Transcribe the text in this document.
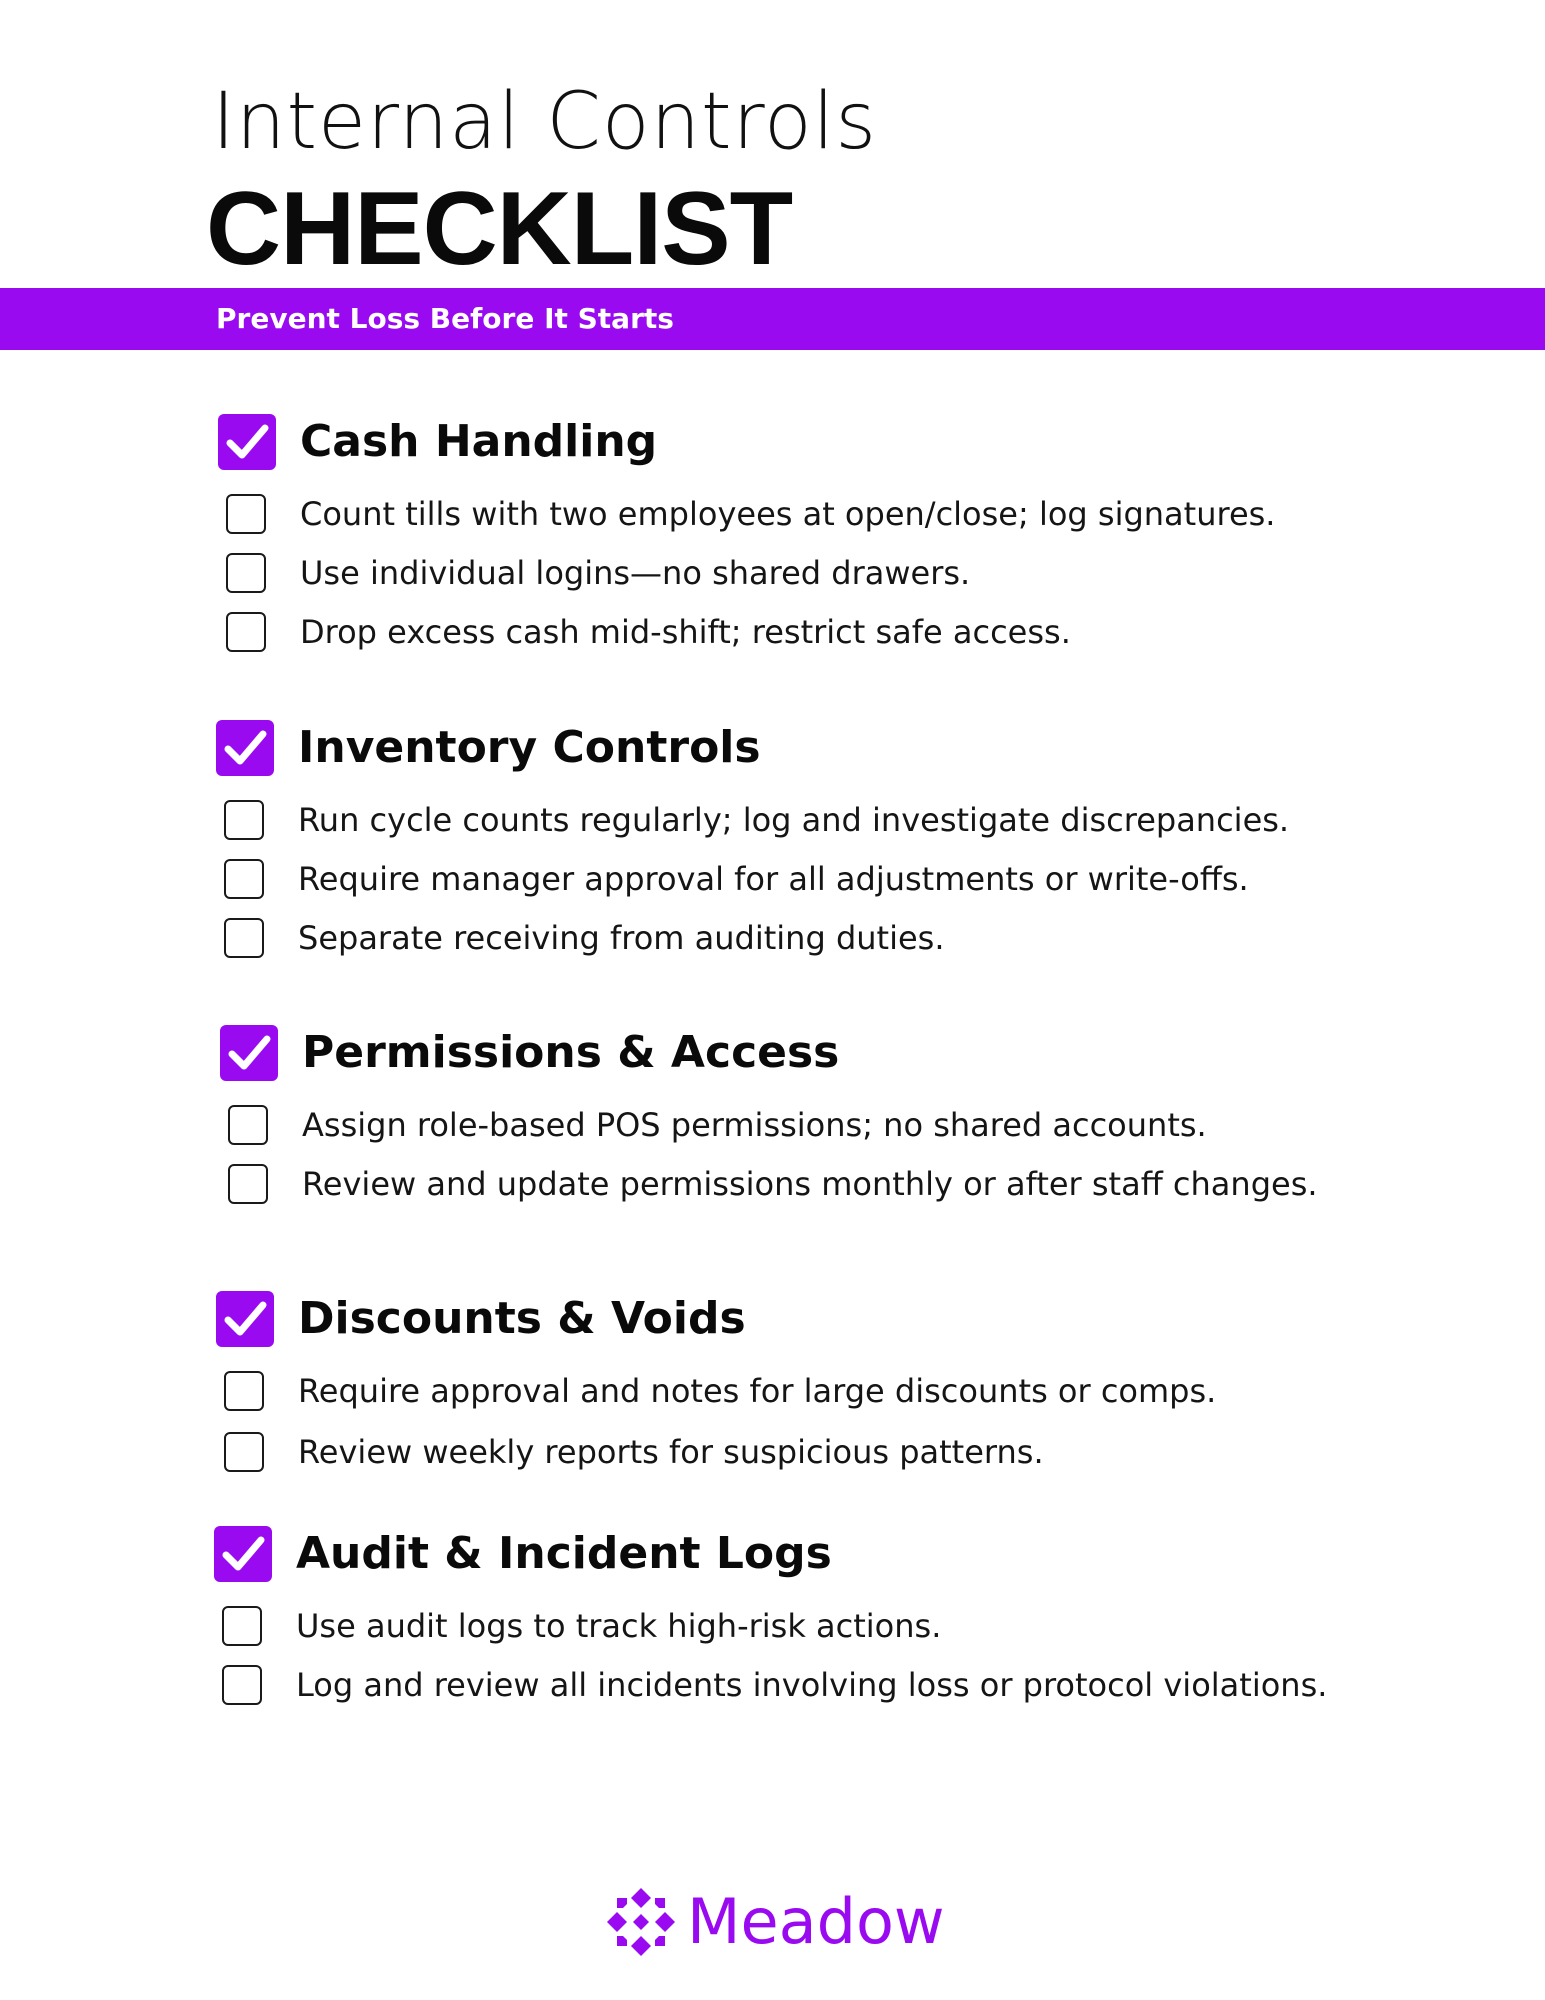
Internal Controls
CHECKLIST
Prevent Loss Before It Starts
Cash Handling
Count tills with two employees at open/close; log signatures.
Use individual logins—no shared drawers.
Drop excess cash mid-shift; restrict safe access.
Inventory Controls
Run cycle counts regularly; log and investigate discrepancies.
Require manager approval for all adjustments or write-offs.
Separate receiving from auditing duties.
Permissions & Access
Assign role-based POS permissions; no shared accounts.
Review and update permissions monthly or after staff changes.
Discounts & Voids
Require approval and notes for large discounts or comps.
Review weekly reports for suspicious patterns.
Audit & Incident Logs
Use audit logs to track high-risk actions.
Log and review all incidents involving loss or protocol violations.
Meadow
